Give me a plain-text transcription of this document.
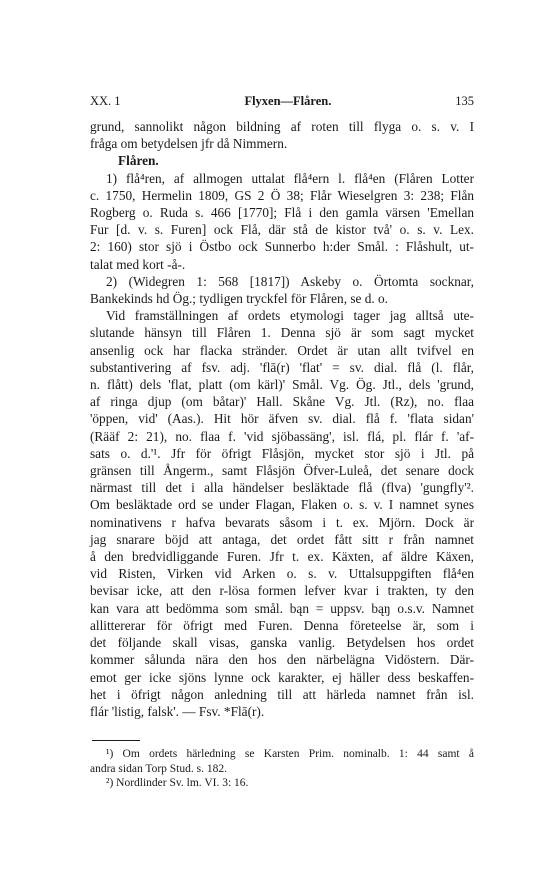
XX. 1	Flyxen—Flåren.	135
grund, sannolikt någon bildning af roten till flyga o. s. v. I
fråga om betydelsen jfr då Nimmern.
Flåren.
1) flå⁴ren, af allmogen uttalat flå⁴ern l. flå⁴en (Flåren Lotter
c. 1750, Hermelin 1809, GS 2 Ö 38; Flår Wieselgren 3: 238; Flån
Rogberg o. Ruda s. 466 [1770]; Flå i den gamla värsen 'Emellan
Fur [d. v. s. Furen] ock Flå, där stå de kistor två' o. s. v. Lex.
2: 160) stor sjö i Östbo ock Sunnerbo h:der Smål. : Flåshult, ut-
talat med kort -å-.
2) (Widegren 1: 568 [1817]) Askeby o. Örtomta socknar,
Bankekinds hd Ög.; tydligen tryckfel för Flåren, se d. o.
Vid framställningen af ordets etymologi tager jag alltså ute-
slutande hänsyn till Flåren 1. Denna sjö är som sagt mycket
ansenlig ock har flacka stränder. Ordet är utan allt tvifvel en
substantivering af fsv. adj. 'flā(r) 'flat' = sv. dial. flå (l. flår,
n. flått) dels 'flat, platt (om kärl)' Smål. Vg. Ög. Jtl., dels 'grund,
af ringa djup (om båtar)' Hall. Skåne Vg. Jtl. (Rz), no. flaa
'öppen, vid' (Aas.). Hit hör äfven sv. dial. flå f. 'flata sidan'
(Rääf 2: 21), no. flaa f. 'vid sjöbassäng', isl. flá, pl. flár f. 'af-
sats o. d.'¹. Jfr för öfrigt Flåsjön, mycket stor sjö i Jtl. på
gränsen till Ångerm., samt Flåsjön Öfver-Luleå, det senare dock
närmast till det i alla händelser besläktade flå (flva) 'gungfly'².
Om besläktade ord se under Flagan, Flaken o. s. v. I namnet synes
nominativens r hafva bevarats såsom i t. ex. Mjörn. Dock är
jag snarare böjd att antaga, det ordet fått sitt r från namnet
å den bredvidliggande Furen. Jfr t. ex. Käxten, af äldre Käxen,
vid Risten, Virken vid Arken o. s. v. Uttalsuppgiften flå⁴en
bevisar icke, att den r-lösa formen lefver kvar i trakten, ty den
kan vara att bedömma som smål. bąn = uppsv. bąŋ o.s.v. Namnet
allittererar för öfrigt med Furen. Denna företeelse är, som i
det följande skall visas, ganska vanlig. Betydelsen hos ordet
kommer sålunda nära den hos den närbelägna Vidöstern. Där-
emot ger icke sjöns lynne ock karakter, ej häller dess beskaffen-
het i öfrigt någon anledning till att härleda namnet från isl.
flár 'listig, falsk'. — Fsv. *Flā(r).
¹) Om ordets härledning se Karsten Prim. nominalb. 1: 44 samt å
andra sidan Torp Stud. s. 182.
²) Nordlinder Sv. lm. VI. 3: 16.
